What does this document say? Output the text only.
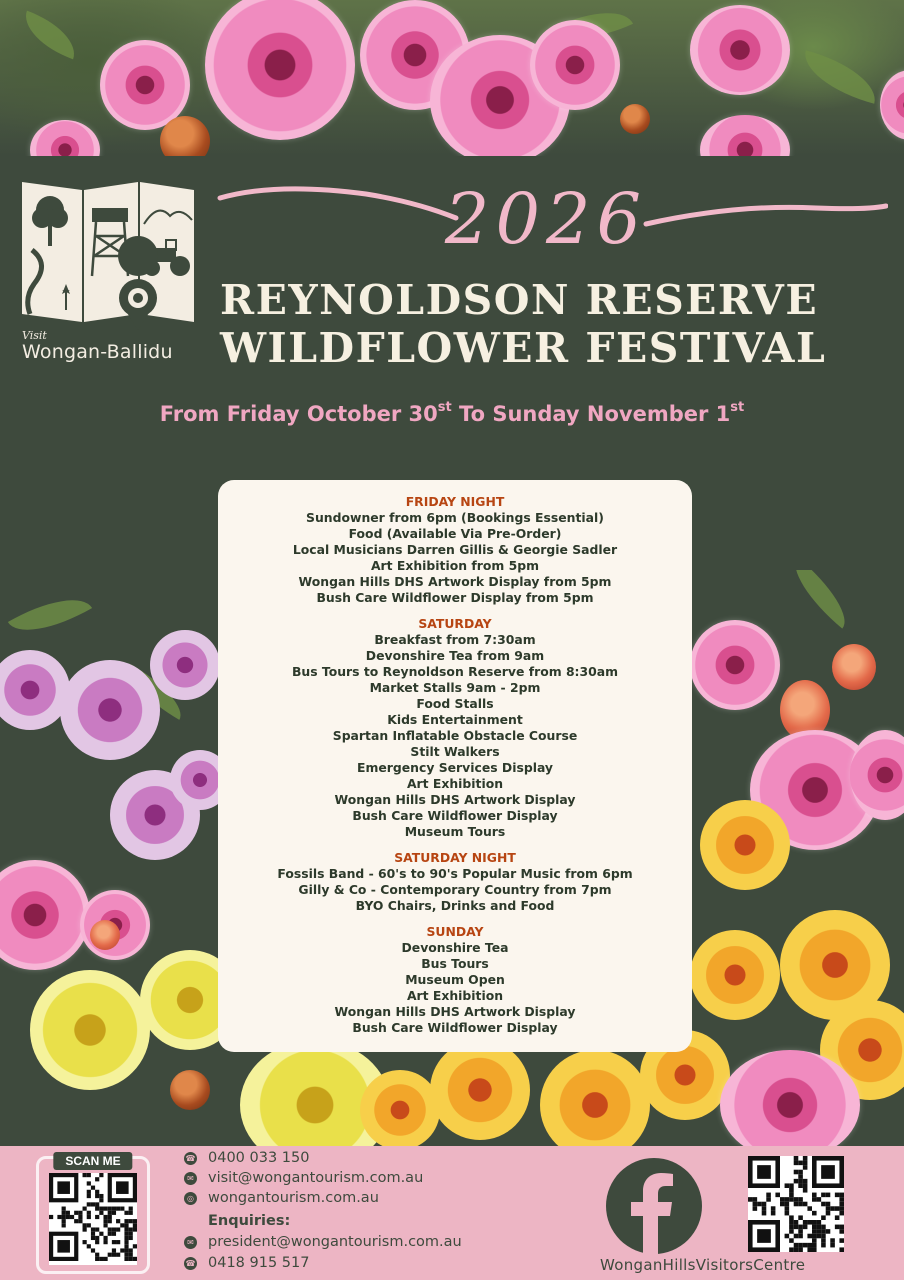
Visit
Wongan-Ballidu
2026
REYNOLDSON RESERVE
WILDFLOWER FESTIVAL
From Friday October 30st To Sunday November 1st
FRIDAY NIGHT
Sundowner from 6pm (Bookings Essential)
Food (Available Via Pre-Order)
Local Musicians Darren Gillis & Georgie Sadler
Art Exhibition from 5pm
Wongan Hills DHS Artwork Display from 5pm
Bush Care Wildflower Display from 5pm
SATURDAY
Breakfast from 7:30am
Devonshire Tea from 9am
Bus Tours to Reynoldson Reserve from 8:30am
Market Stalls 9am - 2pm
Food Stalls
Kids Entertainment
Spartan Inflatable Obstacle Course
Stilt Walkers
Emergency Services Display
Art Exhibition
Wongan Hills DHS Artwork Display
Bush Care Wildflower Display
Museum Tours
SATURDAY NIGHT
Fossils Band - 60's to 90's Popular Music from 6pm
Gilly & Co - Contemporary Country from 7pm
BYO Chairs, Drinks and Food
SUNDAY
Devonshire Tea
Bus Tours
Museum Open
Art Exhibition
Wongan Hills DHS Artwork Display
Bush Care Wildflower Display
SCAN ME	☎ 0400 033 150
✉ visit@wongantourism.com.au
◎ wongantourism.com.au
Enquiries:
✉ president@wongantourism.com.au
☎ 0418 915 517	WonganHillsVisitorsCentre
